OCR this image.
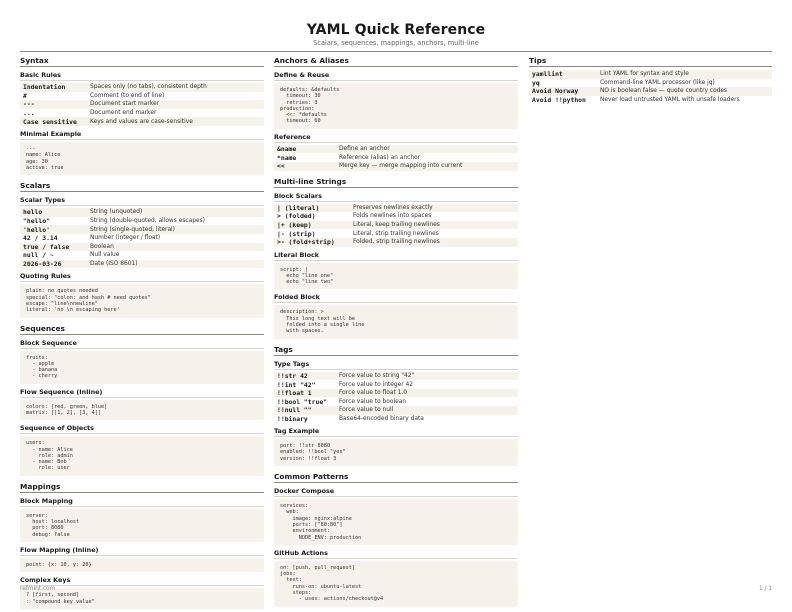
YAML Quick Reference
Scalars, sequences, mappings, anchors, multi-line
Syntax
Basic Rules
Indentation	Spaces only (no tabs), consistent depth
#	Comment (to end of line)
---	Document start marker
...	Document end marker
Case sensitive	Keys and values are case-sensitive
Minimal Example
---
name: Alice
age: 30
active: true
Scalars
Scalar Types
hello	String (unquoted)
"hello"	String (double-quoted, allows escapes)
'hello'	String (single-quoted, literal)
42 / 3.14	Number (integer / float)
true / false	Boolean
null / ~	Null value
2026-03-26	Date (ISO 8601)
Quoting Rules
plain: no quotes needed
special: "colon: and hash # need quotes"
escape: "line\nnewline"
literal: 'no \n escaping here'
Sequences
Block Sequence
fruits:
- apple
- banana
- cherry
Flow Sequence (Inline)
colors: [red, green, blue]
matrix: [[1, 2], [3, 4]]
Sequence of Objects
users:
- name: Alice
role: admin
- name: Bob
role: user
Mappings
Block Mapping
server:
host: localhost
port: 8080
debug: false
Flow Mapping (Inline)
point: {x: 10, y: 20}
Complex Keys
? [first, second]
: "compound key value"
Anchors & Aliases
Define & Reuse
defaults: &defaults
timeout: 30
retries: 3
production:
<<: *defaults
timeout: 60
Reference
&name	Define an anchor
*name	Reference (alias) an anchor
<<	Merge key — merge mapping into current
Multi-line Strings
Block Scalars
| (literal)	Preserves newlines exactly
> (folded)	Folds newlines into spaces
|+ (keep)	Literal, keep trailing newlines
|- (strip)	Literal, strip trailing newlines
>- (fold+strip)	Folded, strip trailing newlines
Literal Block
script: |
echo "line one"
echo "line two"
Folded Block
description: >
This long text will be
folded into a single line
with spaces.
Tags
Type Tags
!!str 42	Force value to string "42"
!!int "42"	Force value to integer 42
!!float 1	Force value to float 1.0
!!bool "true"	Force value to boolean
!!null ""	Force value to null
!!binary	Base64-encoded binary data
Tag Example
port: !!str 8080
enabled: !!bool "yes"
version: !!float 3
Common Patterns
Docker Compose
services:
web:
image: nginx:alpine
ports: ["80:80"]
environment:
NODE_ENV: production
GitHub Actions
on: [push, pull_request]
jobs:
test:
runs-on: ubuntu-latest
steps:
- uses: actions/checkout@v4
Tips
yamllint	Lint YAML for syntax and style
yq	Command-line YAML processor (like jq)
Avoid Norway	NO is boolean false — quote country codes
Avoid !!python	Never load untrusted YAML with unsafe loaders
refmint.com	1 / 1
